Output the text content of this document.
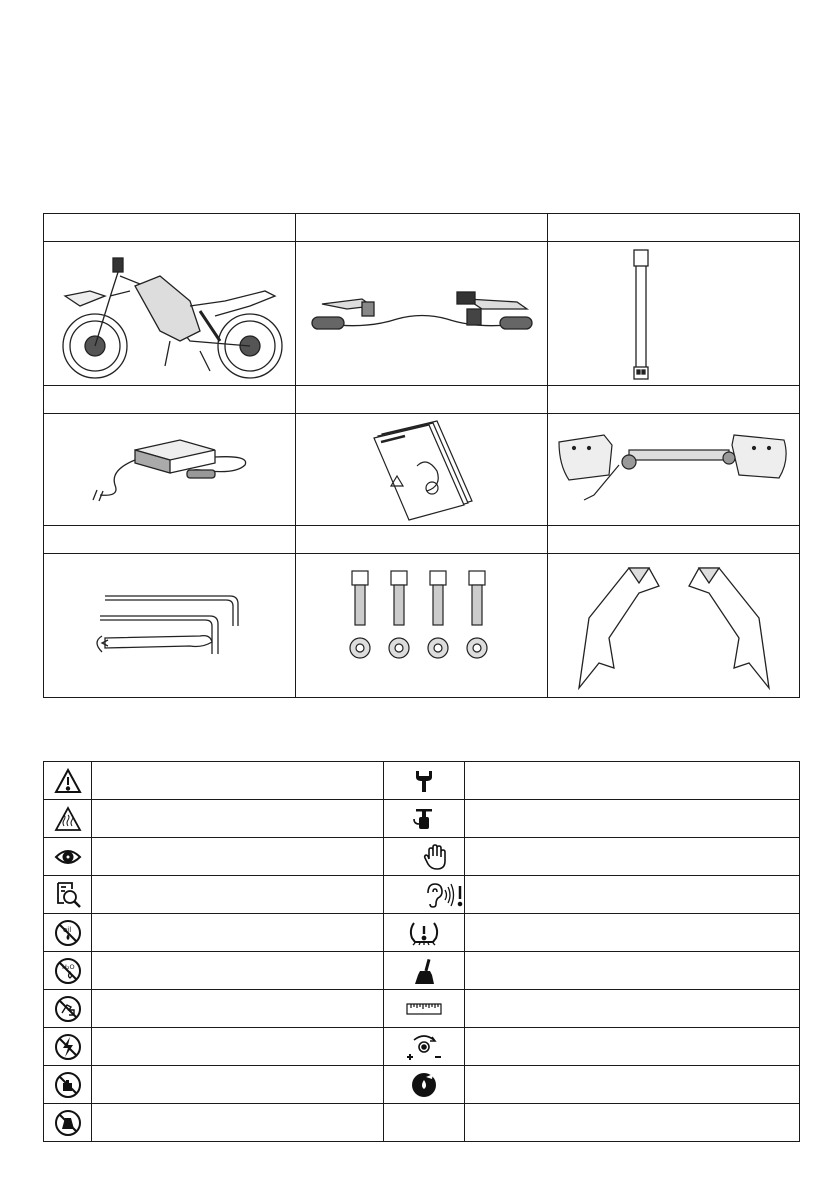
oil

H₂O
